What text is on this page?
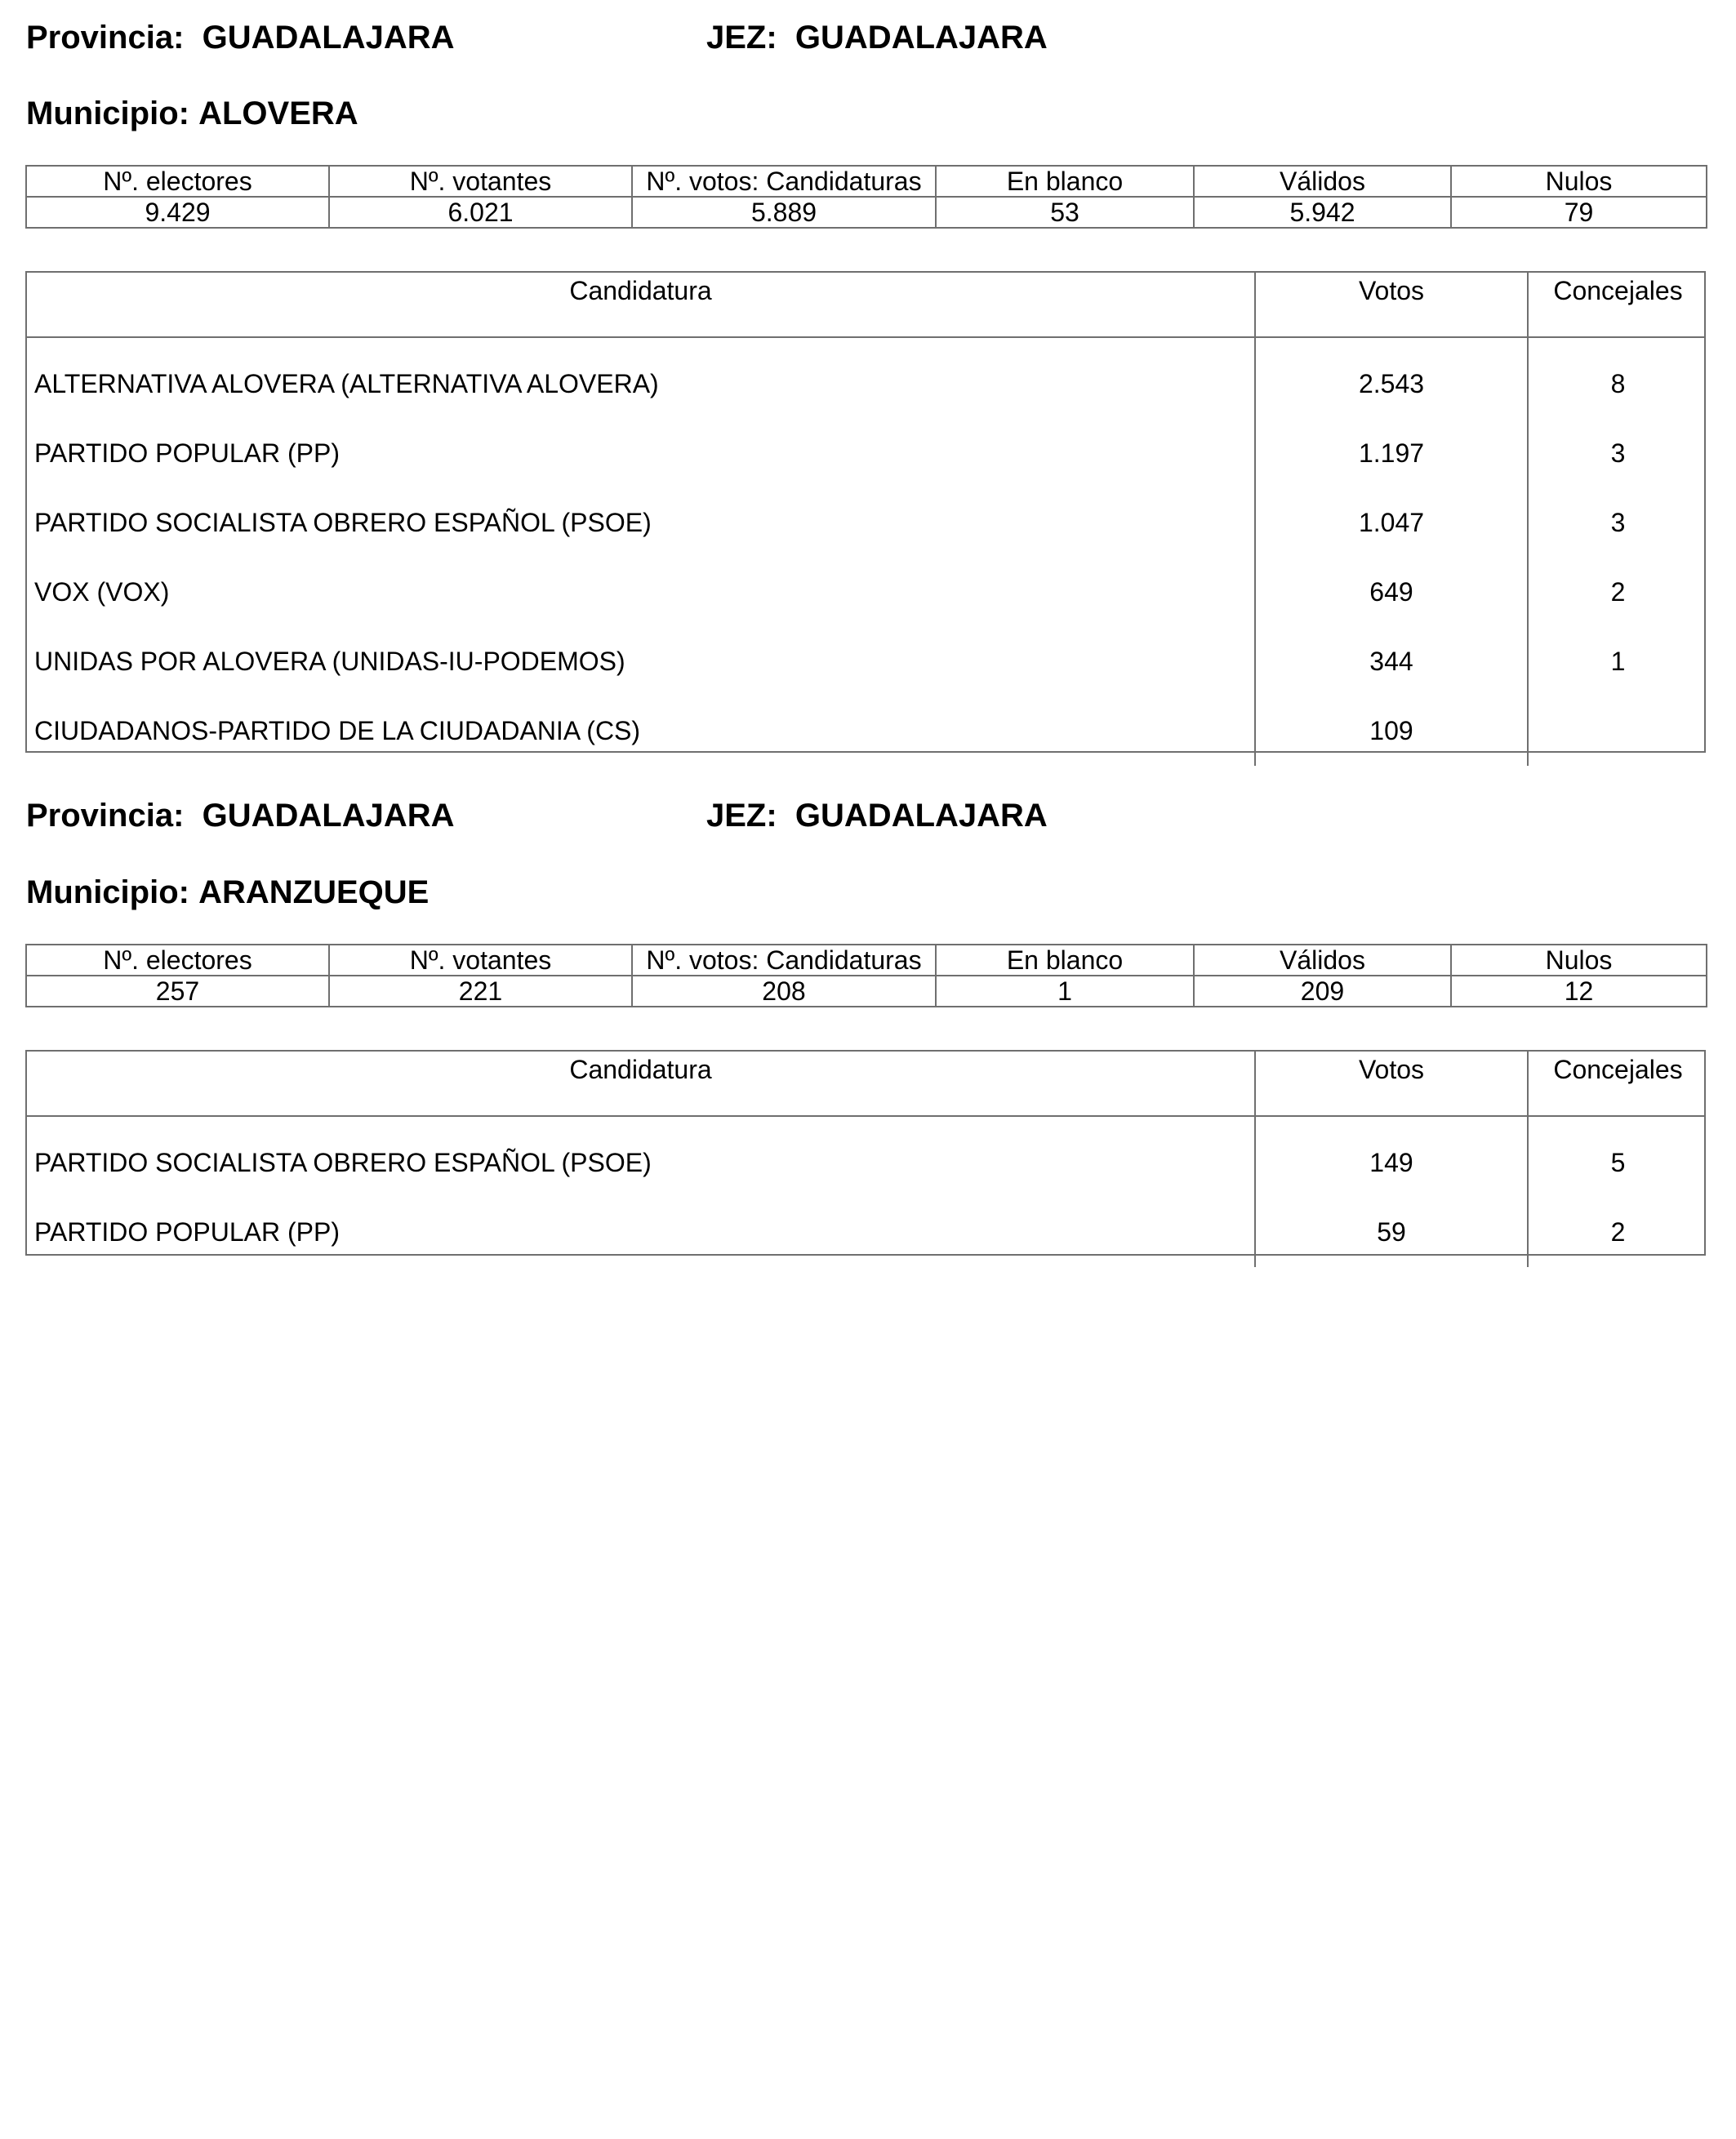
Provincia: GUADALAJARA	JEZ: GUADALAJARA
Municipio: ALOVERA
Nº. electores	Nº. votantes	Nº. votos: Candidaturas	En blanco	Válidos	Nulos
9.429	6.021	5.889	53	5.942	79
Candidatura	Votos	Concejales
ALTERNATIVA ALOVERA (ALTERNATIVA ALOVERA)	2.543	8
PARTIDO POPULAR (PP)	1.197	3
PARTIDO SOCIALISTA OBRERO ESPAÑOL (PSOE)	1.047	3
VOX (VOX)	649	2
UNIDAS POR ALOVERA (UNIDAS-IU-PODEMOS)	344	1
CIUDADANOS-PARTIDO DE LA CIUDADANIA (CS)	109
Provincia: GUADALAJARA	JEZ: GUADALAJARA
Municipio: ARANZUEQUE
Nº. electores	Nº. votantes	Nº. votos: Candidaturas	En blanco	Válidos	Nulos
257	221	208	1	209	12
Candidatura	Votos	Concejales
PARTIDO SOCIALISTA OBRERO ESPAÑOL (PSOE)	149	5
PARTIDO POPULAR (PP)	59	2
